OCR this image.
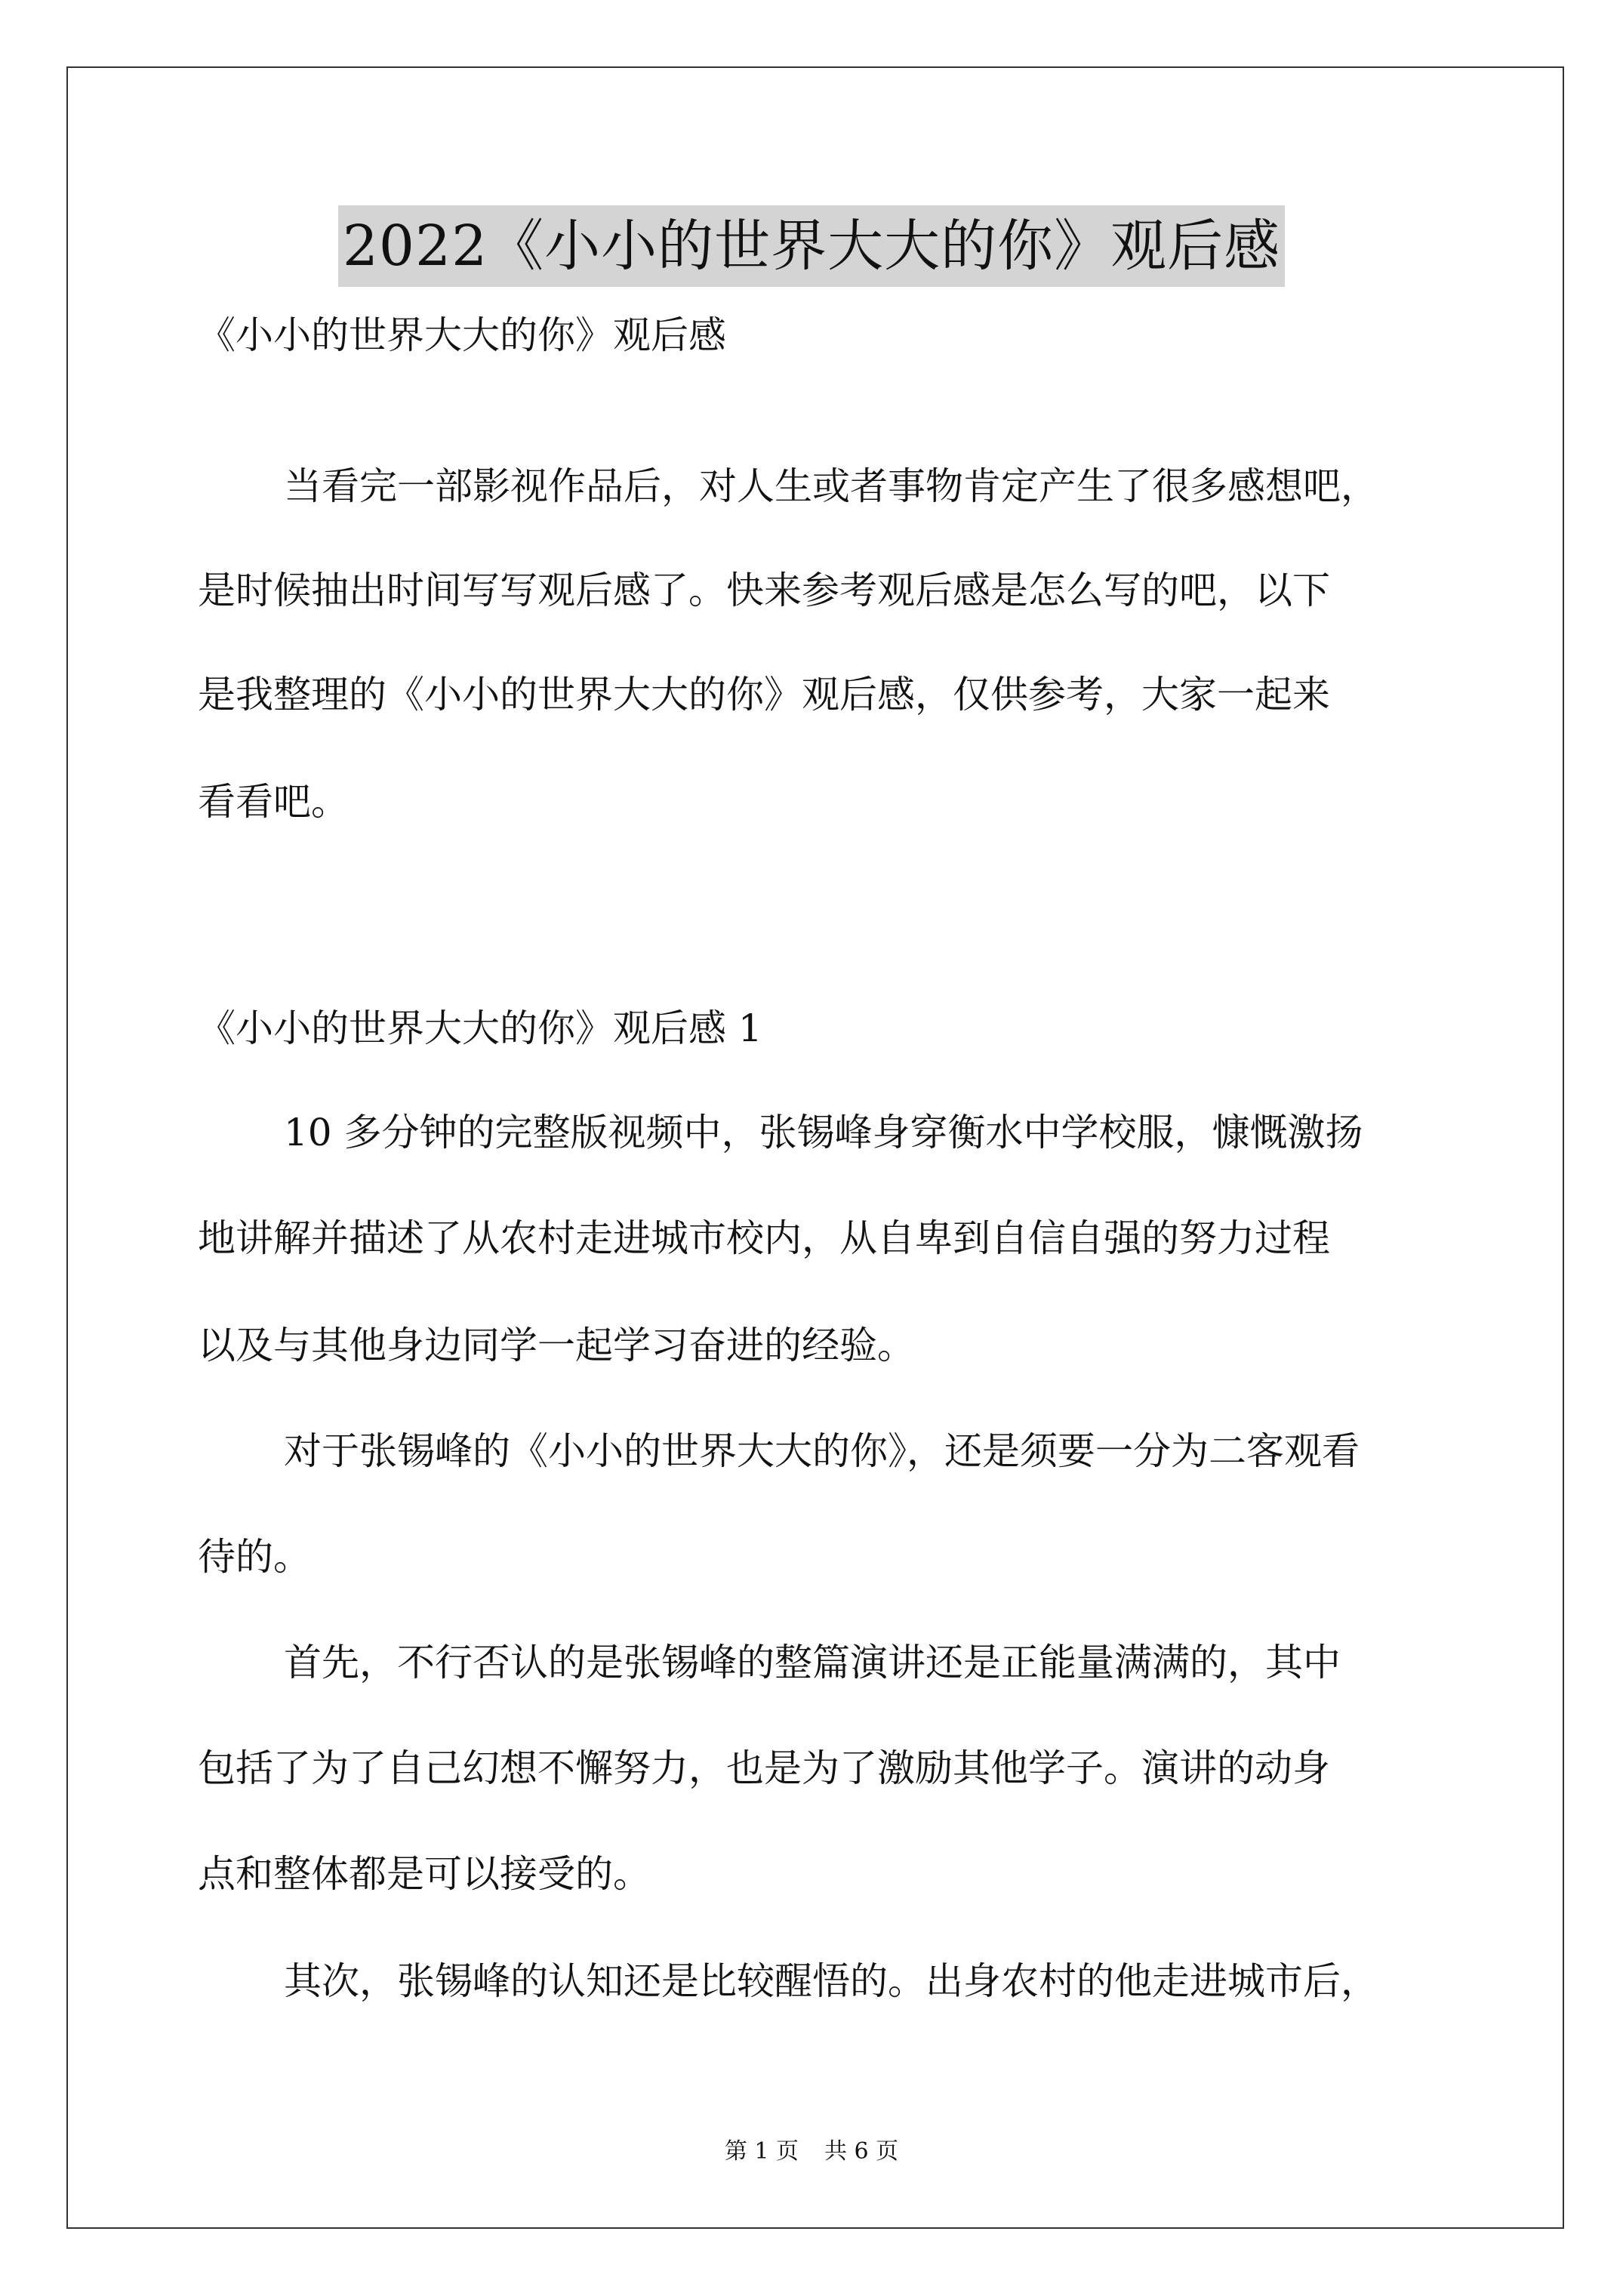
2022《小小的世界大大的你》观后感
《小小的世界大大的你》观后感
当看完一部影视作品后，对人生或者事物肯定产生了很多感想吧，
是时候抽出时间写写观后感了。快来参考观后感是怎么写的吧，以下
是我整理的《小小的世界大大的你》观后感，仅供参考，大家一起来
看看吧。
《小小的世界大大的你》观后感 1
10 多分钟的完整版视频中，张锡峰身穿衡水中学校服，慷慨激扬
地讲解并描述了从农村走进城市校内，从自卑到自信自强的努力过程
以及与其他身边同学一起学习奋进的经验。
对于张锡峰的《小小的世界大大的你》，还是须要一分为二客观看
待的。
首先，不行否认的是张锡峰的整篇演讲还是正能量满满的，其中
包括了为了自己幻想不懈努力，也是为了激励其他学子。演讲的动身
点和整体都是可以接受的。
其次，张锡峰的认知还是比较醒悟的。出身农村的他走进城市后，
第 1 页 共 6 页
